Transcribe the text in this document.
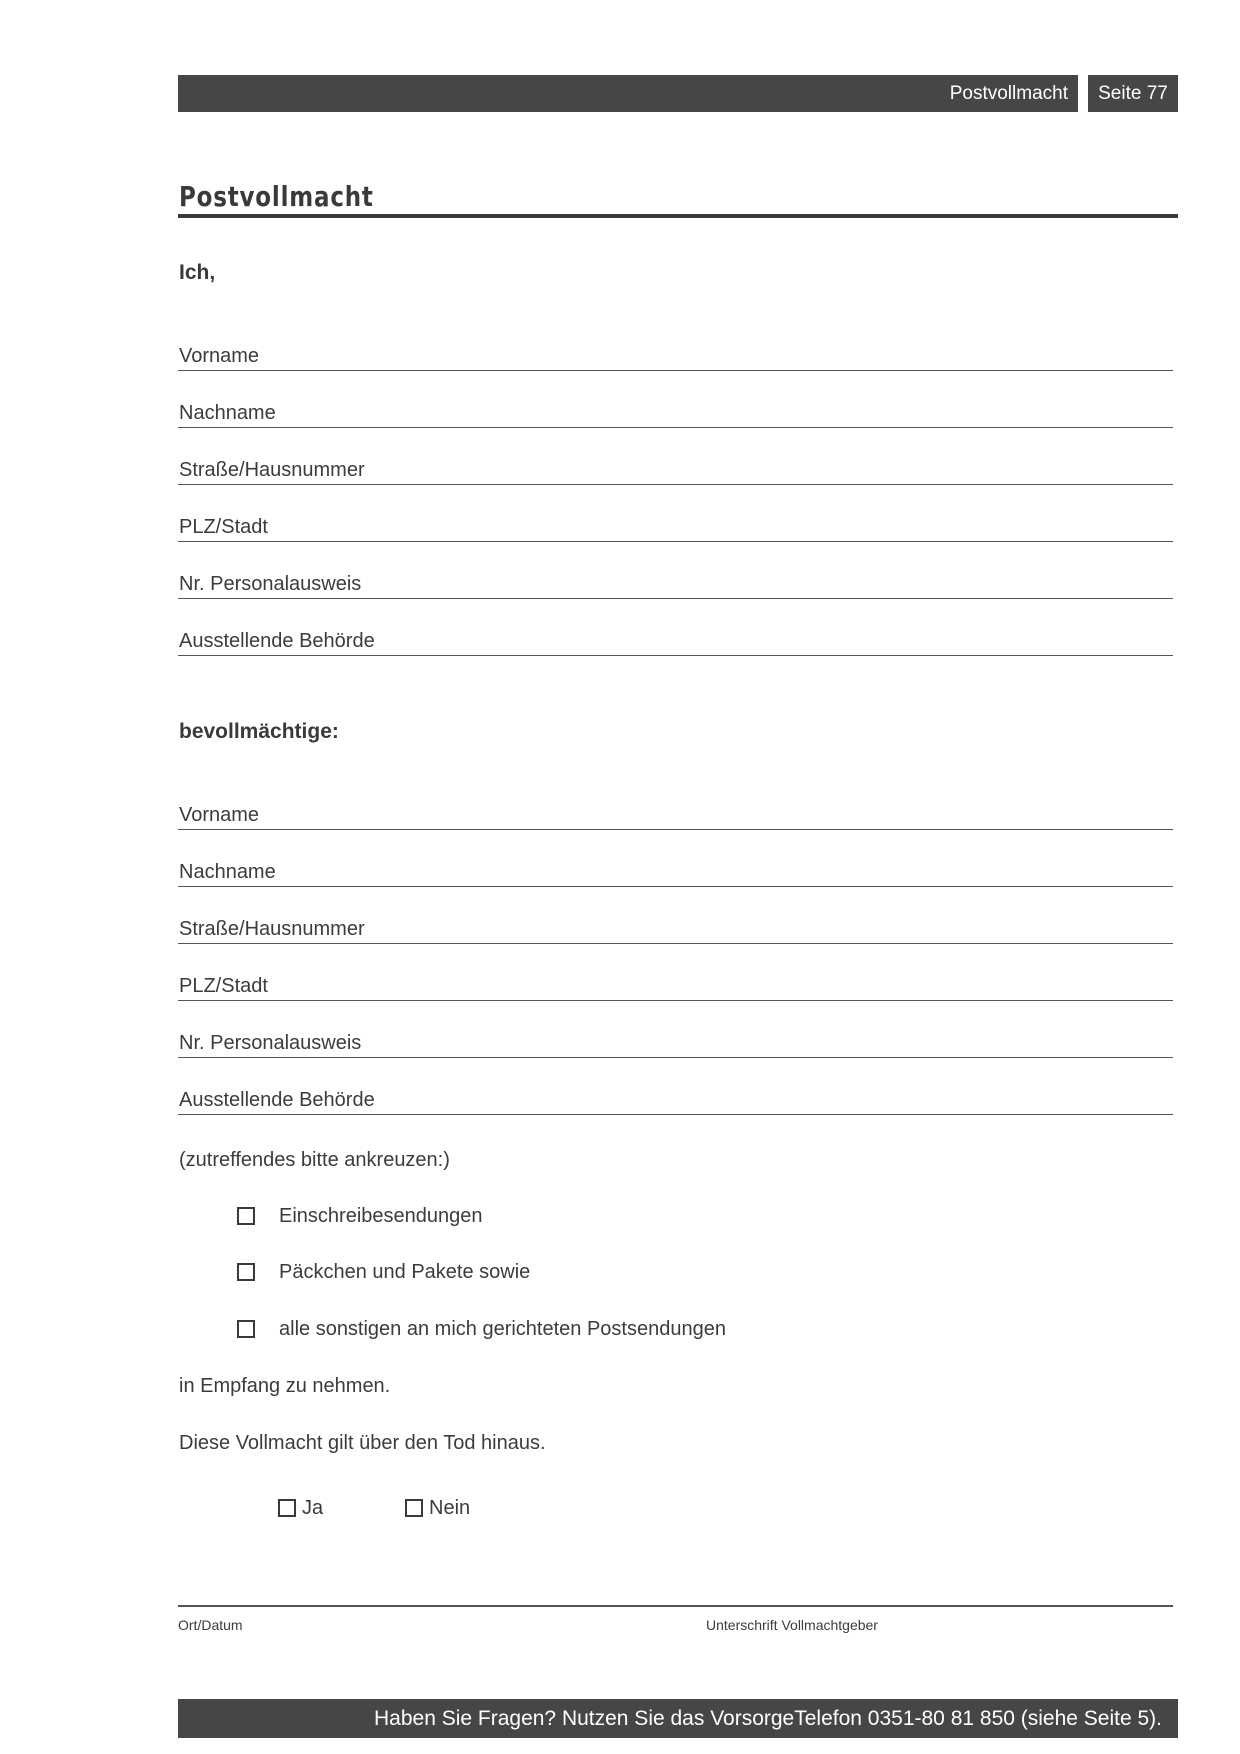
Postvollmacht	Seite 77
Postvollmacht

Ich,

Vorname
Nachname
Straße/Hausnummer
PLZ/Stadt
Nr. Personalausweis
Ausstellende Behörde

bevollmächtige:

Vorname
Nachname
Straße/Hausnummer
PLZ/Stadt
Nr. Personalausweis
Ausstellende Behörde
(zutreffendes bitte ankreuzen:)
Einschreibesendungen
Päckchen und Pakete sowie
alle sonstigen an mich gerichteten Postsendungen
in Empfang zu nehmen.
Diese Vollmacht gilt über den Tod hinaus.
Ja	Nein
Ort/Datum	Unterschrift Vollmachtgeber
Haben Sie Fragen? Nutzen Sie das VorsorgeTelefon 0351-80 81 850 (siehe Seite 5).
